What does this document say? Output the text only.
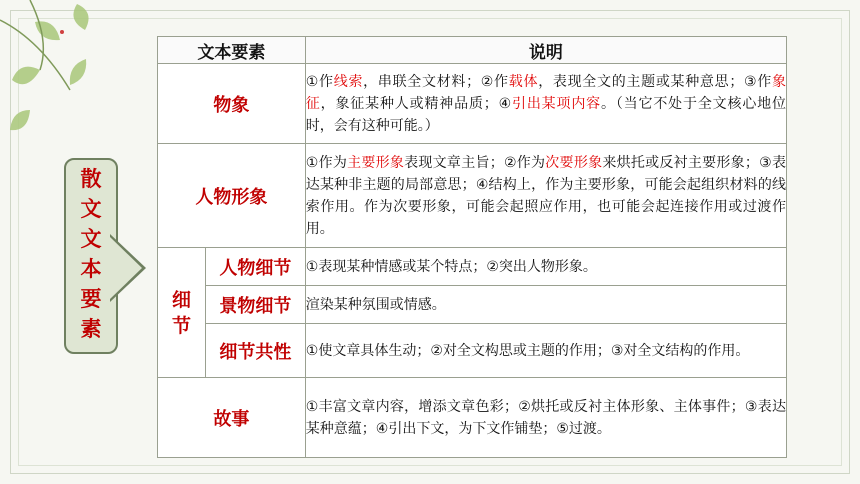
散
文
文
本
要
素
文本要素		说明
物象		①作线索，串联全文材料；②作载体，表现全文的主题或某种意思；③作象征，象征某种人或精神品质；④引出某项内容。（当它不处于全文核心地位时，会有这种可能。）
人物形象		①作为主要形象表现文章主旨；②作为次要形象来烘托或反衬主要形象；③表达某种非主题的局部意思；④结构上，作为主要形象，可能会起组织材料的线索作用。作为次要形象，可能会起照应作用，也可能会起连接作用或过渡作用。

细节	人物细节	①表现某种情感或某个特点；②突出人物形象。
	景物细节	渲染某种氛围或情感。
	细节共性	①使文章具体生动；②对全文构思或主题的作用；③对全文结构的作用。
故事		①丰富文章内容，增添文章色彩；②烘托或反衬主体形象、主体事件；③表达某种意蕴；④引出下文，为下文作铺垫；⑤过渡。
